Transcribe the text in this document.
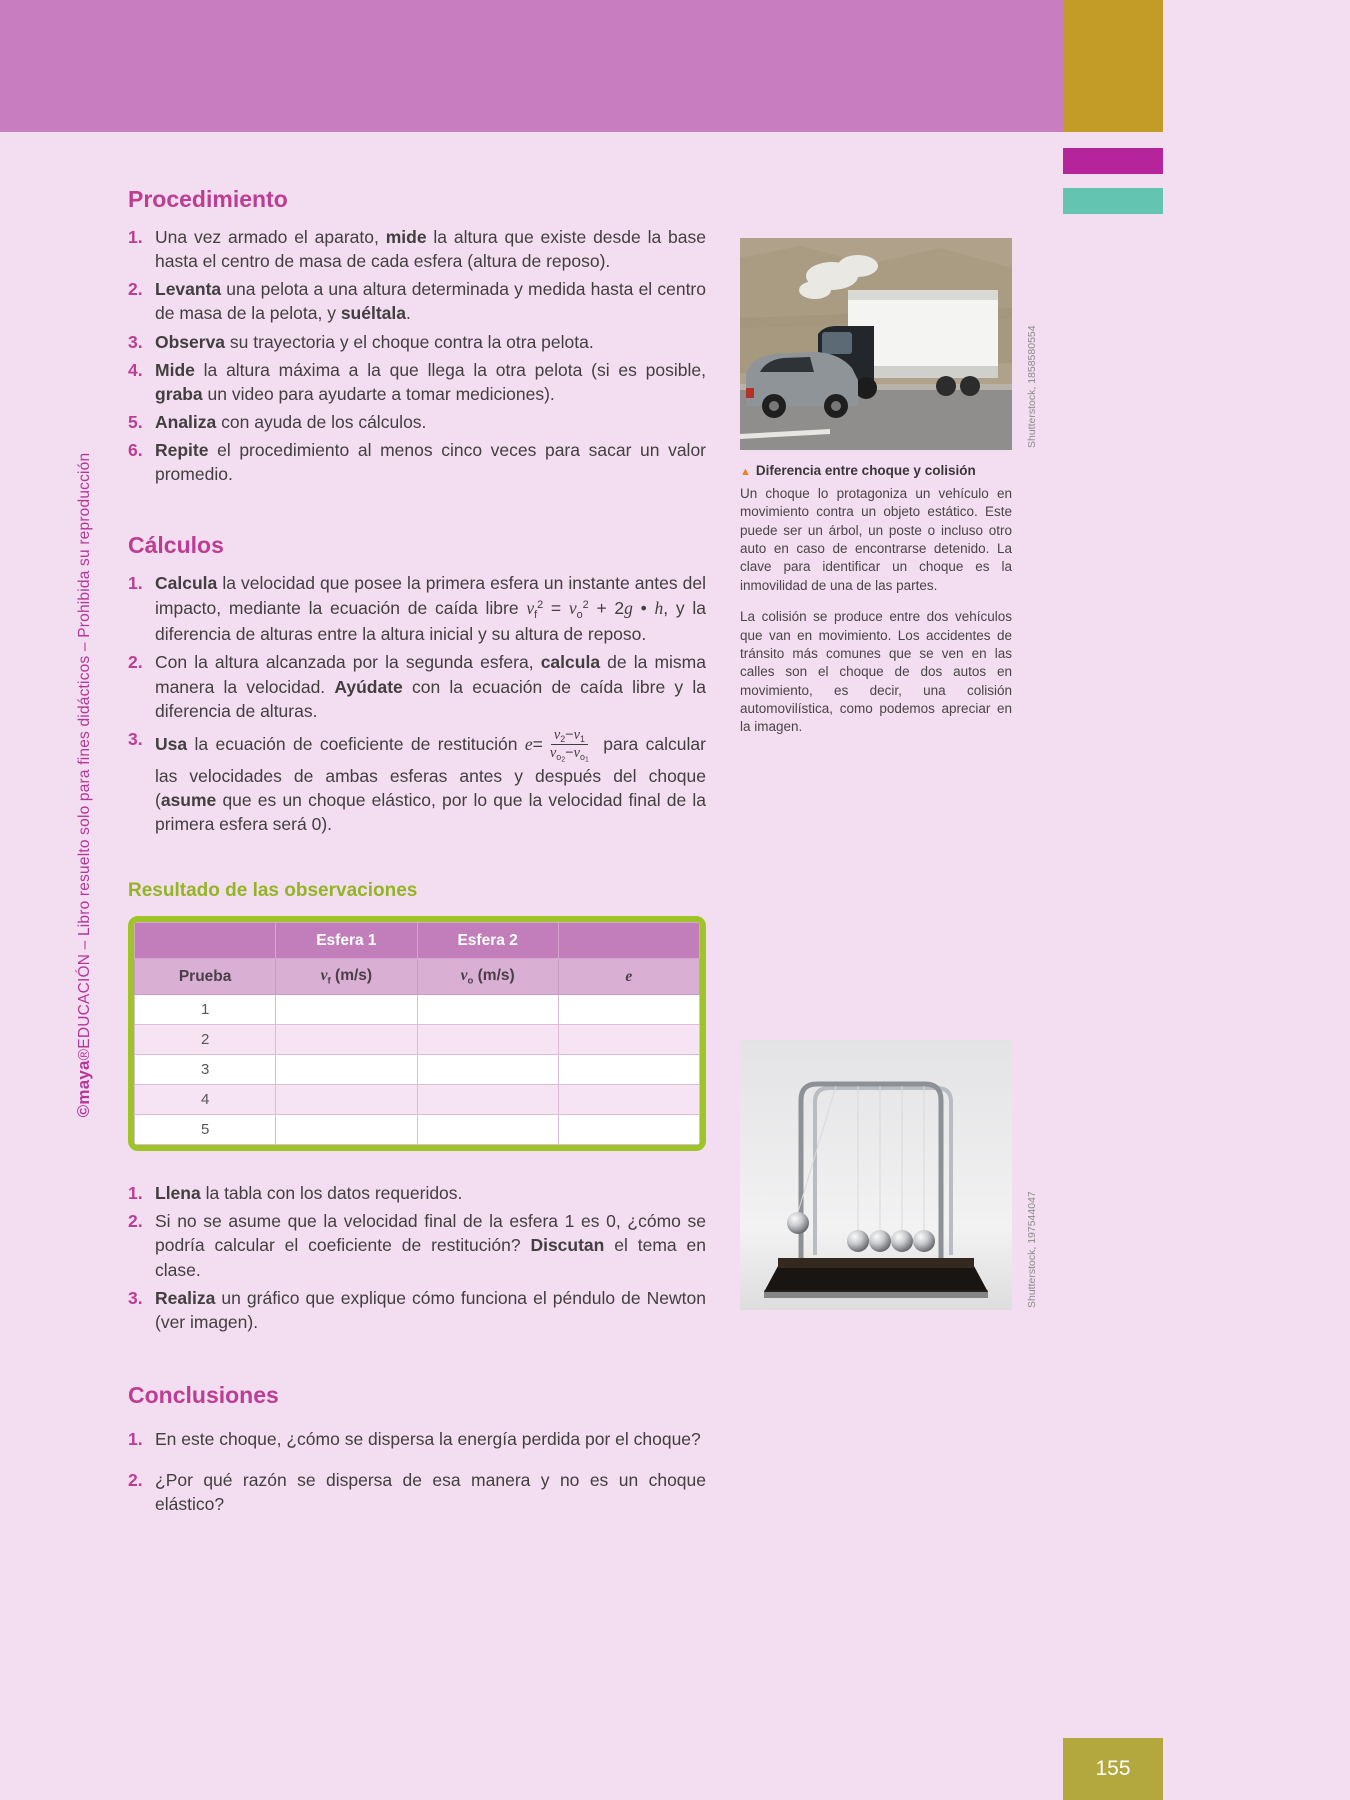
155
©maya®EDUCACIÓN – Libro resuelto solo para fines didácticos – Prohibida su reproducción
Procedimiento
1. Una vez armado el aparato, mide la altura que existe desde la base hasta el centro de masa de cada esfera (altura de reposo).
2. Levanta una pelota a una altura determinada y medida hasta el centro de masa de la pelota, y suéltala.
3. Observa su trayectoria y el choque contra la otra pelota.
4. Mide la altura máxima a la que llega la otra pelota (si es posible, graba un video para ayudarte a tomar mediciones).
5. Analiza con ayuda de los cálculos.
6. Repite el procedimiento al menos cinco veces para sacar un valor promedio.
Cálculos
1. Calcula la velocidad que posee la primera esfera un instante antes del impacto, mediante la ecuación de caída libre $v_f^2 = v_o^2 + 2g$ • h, y la diferencia de alturas entre la altura inicial y su altura de reposo.
2. Con la altura alcanzada por la segunda esfera, calcula de la misma manera la velocidad. Ayúdate con la ecuación de caída libre y la diferencia de alturas.
3. Usa la ecuación de coeficiente de restitución $e= \frac{v_2-v_1}{v_{o2}-v_{o1}}$ para calcular las velocidades de ambas esferas antes y después del choque (asume que es un choque elástico, por lo que la velocidad final de la primera esfera será 0).
Resultado de las observaciones
	Esfera 1	Esfera 2	
Prueba	$v_f$ (m/s)	$v_o$ (m/s)	e
1			
2			
3			
4			
5			
1. Llena la tabla con los datos requeridos.
2. Si no se asume que la velocidad final de la esfera 1 es 0, ¿cómo se podría calcular el coeficiente de restitución? Discutan el tema en clase.
3. Realiza un gráfico que explique cómo funciona el péndulo de Newton (ver imagen).
Conclusiones
1. En este choque, ¿cómo se dispersa la energía perdida por el choque?
2. ¿Por qué razón se dispersa de esa manera y no es un choque elástico?
Shutterstock, 1858580554
▲ Diferencia entre choque y colisión

Un choque lo protagoniza un vehículo en movimiento contra un objeto estático. Este puede ser un árbol, un poste o incluso otro auto en caso de encontrarse detenido. La clave para identificar un choque es la inmovilidad de una de las partes.

La colisión se produce entre dos vehículos que van en movimiento. Los accidentes de tránsito más comunes que se ven en las calles son el choque de dos autos en movimiento, es decir, una colisión automovilística, como podemos apreciar en la imagen.

Shutterstock, 197544047
